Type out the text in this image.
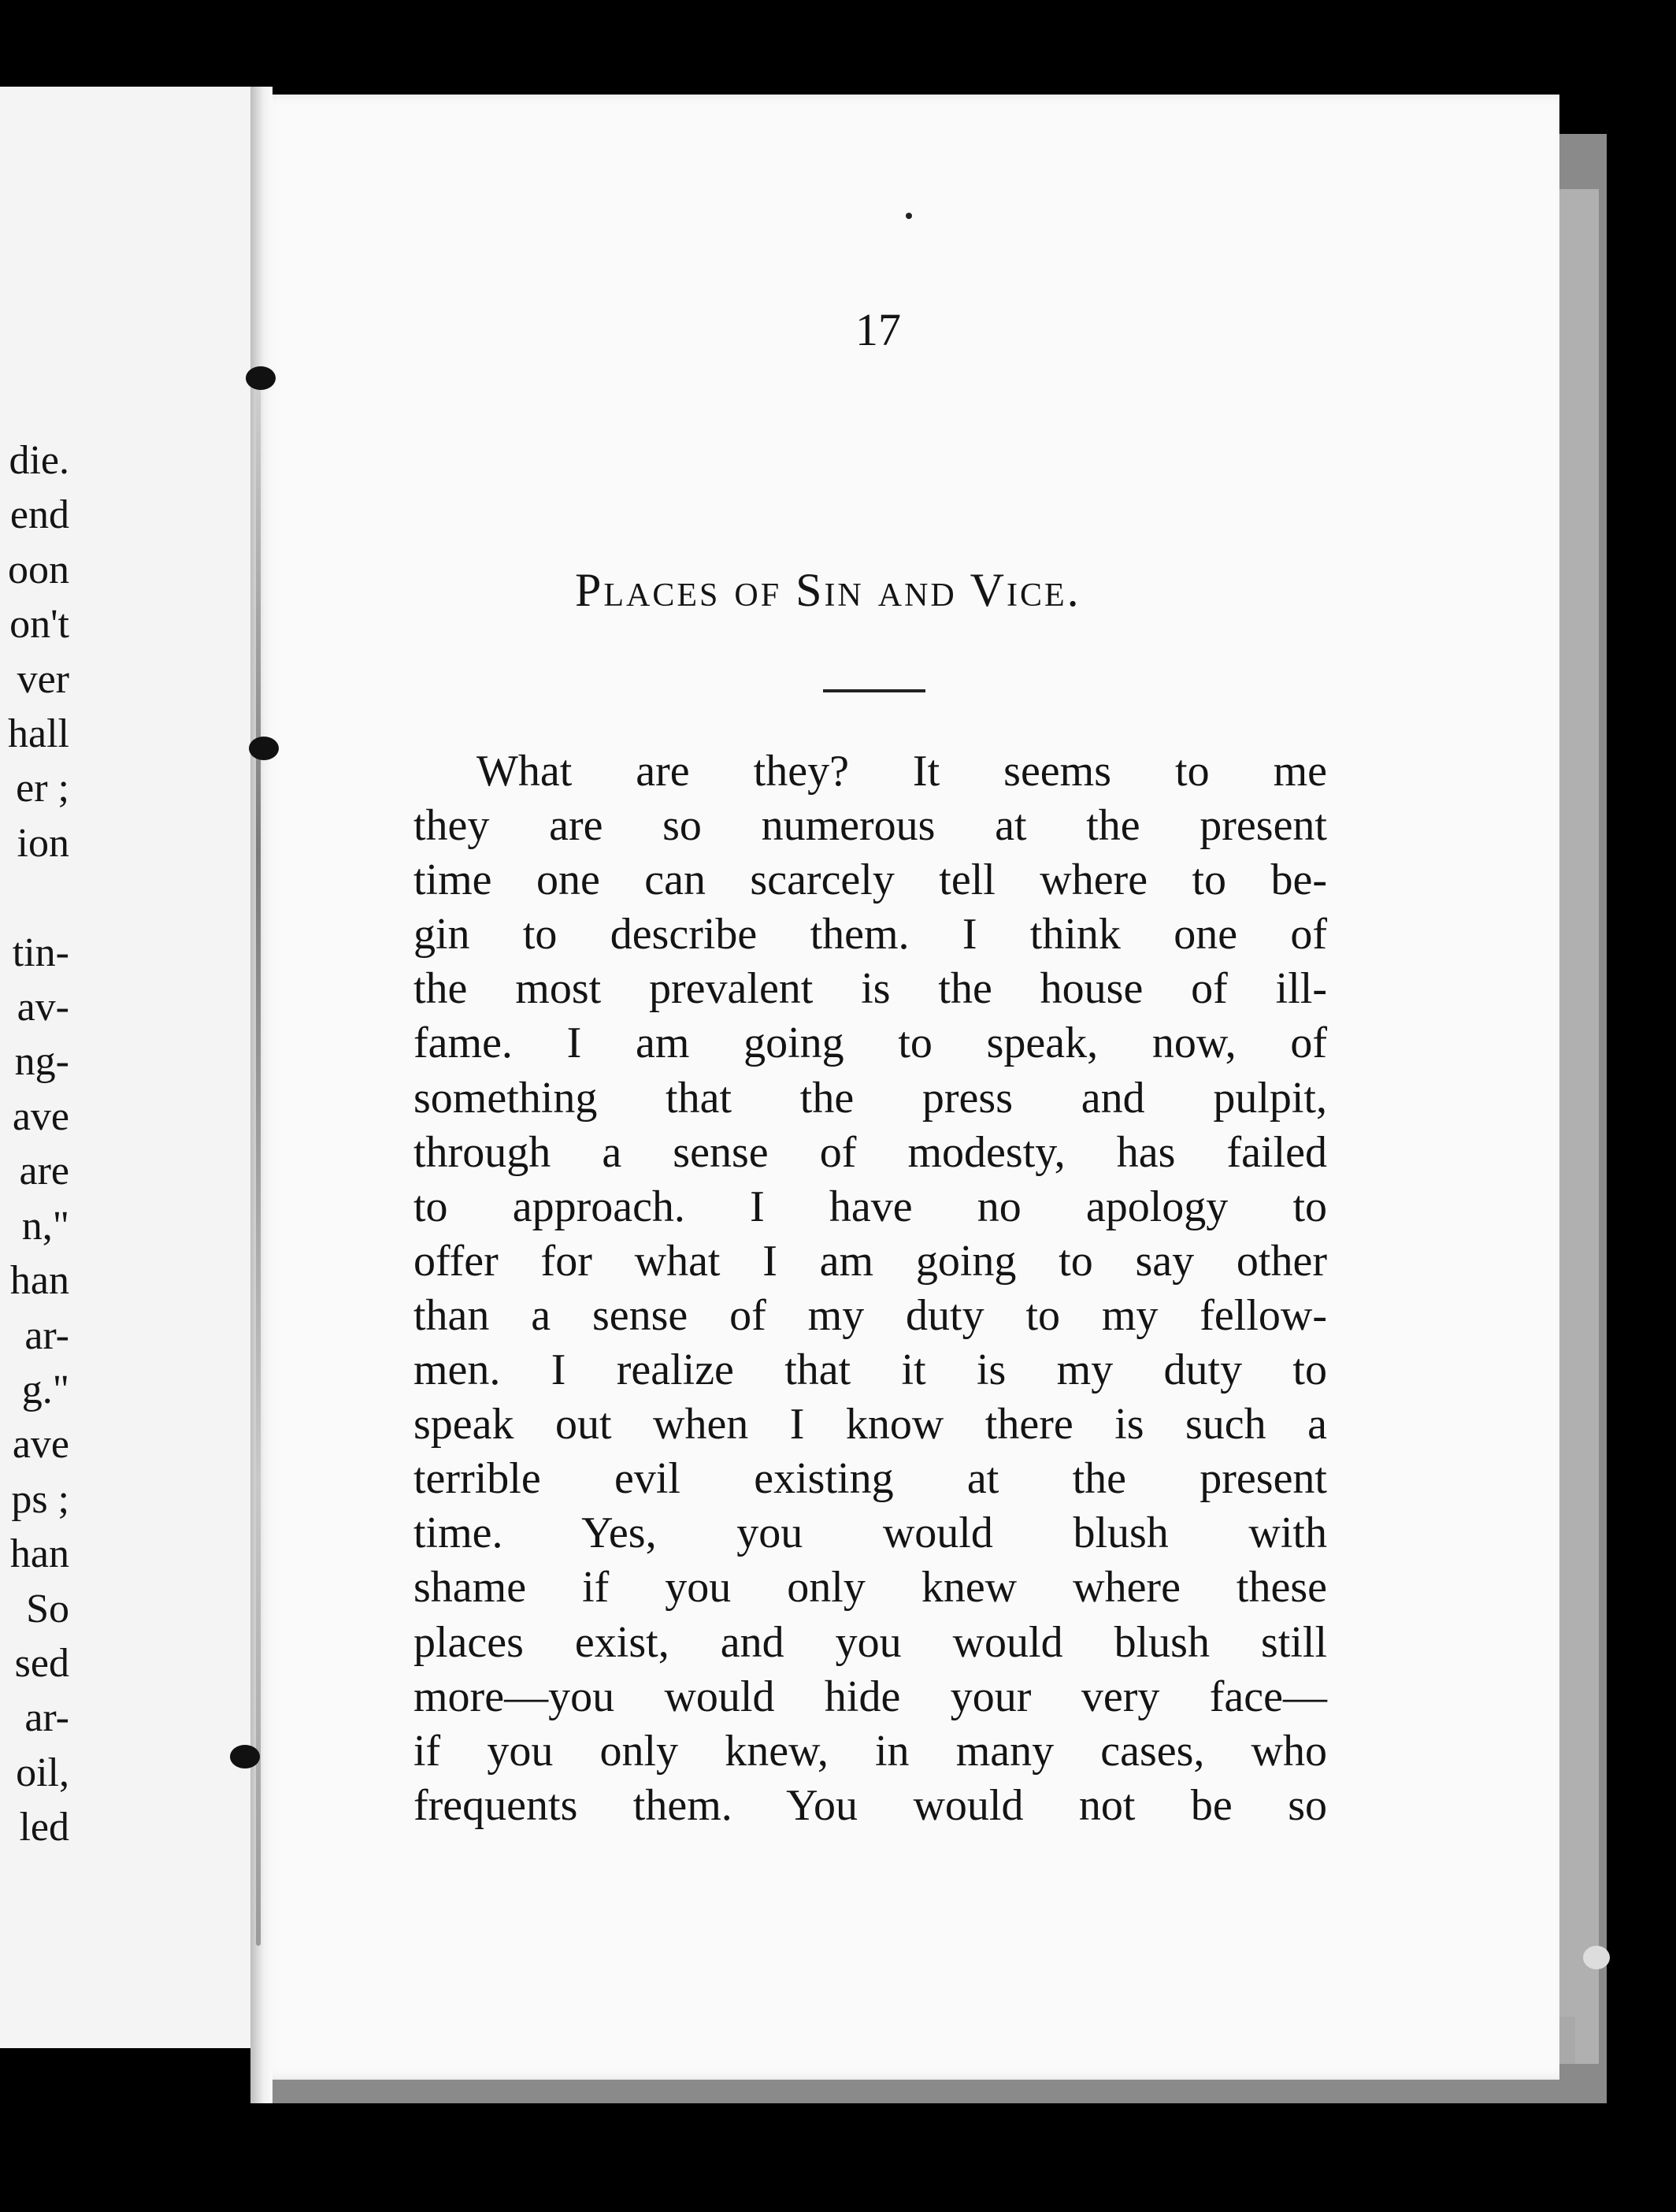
die.
end
oon
on't
ver
hall
er ;
ion

tin-
av-
ng-
ave
are
n,"
han
ar-
g."
ave
ps ;
han
So
sed
ar-
oil,
led
17
Places of Sin and Vice.
What are they? It seems to me
they are so numerous at the present
time one can scarcely tell where to be-
gin to describe them. I think one of
the most prevalent is the house of ill-
fame. I am going to speak, now, of
something that the press and pulpit,
through a sense of modesty, has failed
to approach. I have no apology to
offer for what I am going to say other
than a sense of my duty to my fellow-
men. I realize that it is my duty to
speak out when I know there is such a
terrible evil existing at the present
time. Yes, you would blush with
shame if you only knew where these
places exist, and you would blush still
more—you would hide your very face—
if you only knew, in many cases, who
frequents them. You would not be so
